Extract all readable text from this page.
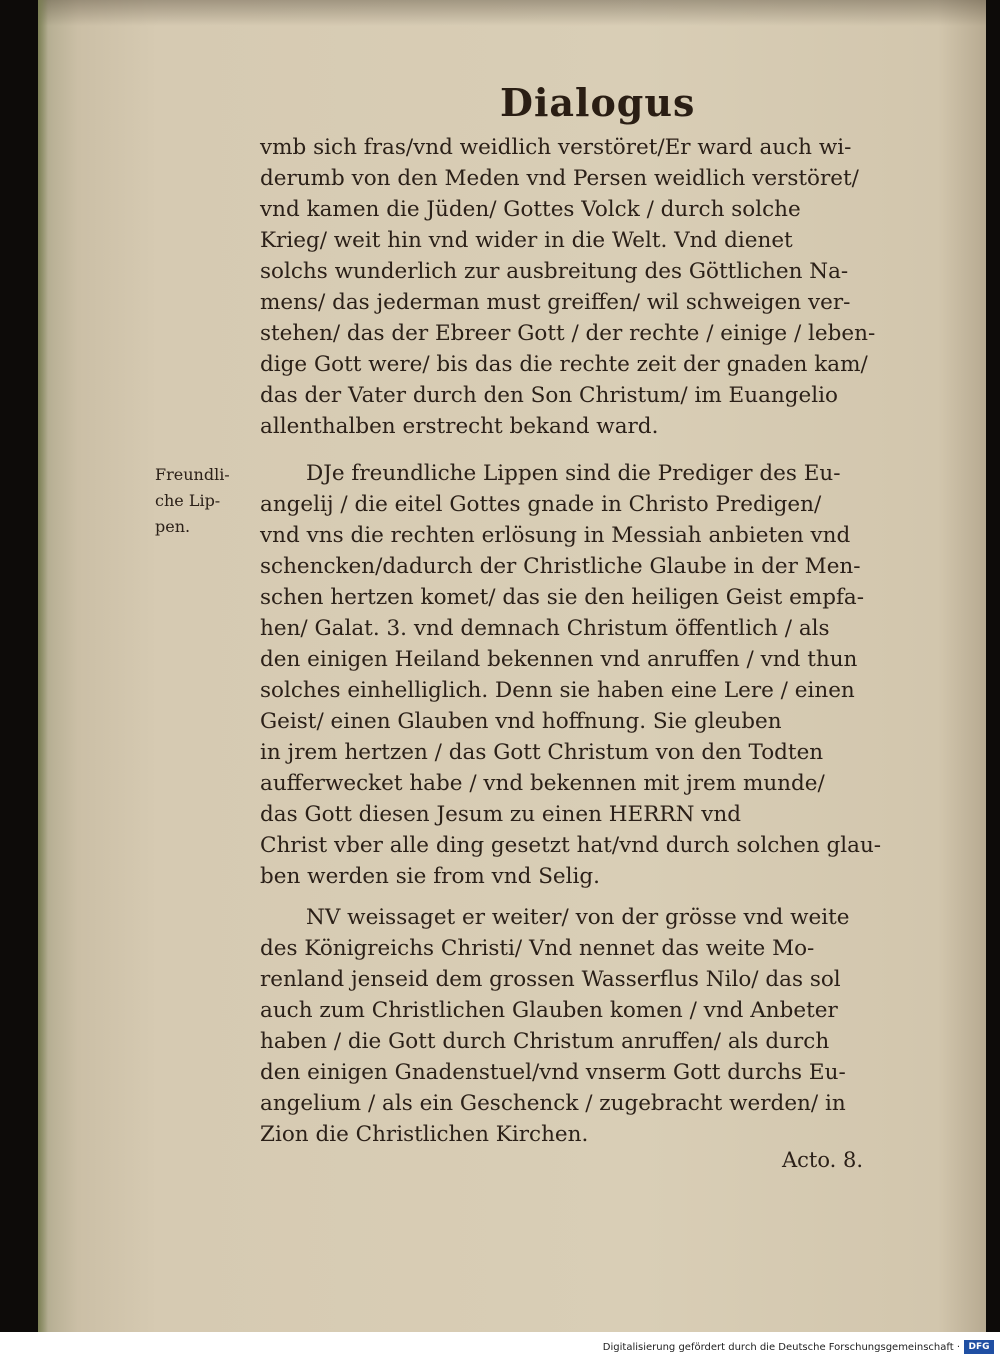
Dialogus
vmb sich fras/vnd weidlich verstöret/Er ward auch wi-
derumb von den Meden vnd Persen weidlich verstöret/
vnd kamen die Jüden/ Gottes Volck / durch solche
Krieg/ weit hin vnd wider in die Welt. Vnd dienet
solchs wunderlich zur ausbreitung des Göttlichen Na-
mens/ das jederman must greiffen/ wil schweigen ver-
stehen/ das der Ebreer Gott / der rechte / einige / leben-
dige Gott were/ bis das die rechte zeit der gnaden kam/
das der Vater durch den Son Christum/ im Euangelio
allenthalben erstrecht bekand ward.
Freundli-
che Lip-
pen.
DJe freundliche Lippen sind die Prediger des Eu-
angelij / die eitel Gottes gnade in Christo Predigen/
vnd vns die rechten erlösung in Messiah anbieten vnd
schencken/dadurch der Christliche Glaube in der Men-
schen hertzen komet/ das sie den heiligen Geist empfa-
hen/ Galat. 3. vnd demnach Christum öffentlich / als
den einigen Heiland bekennen vnd anruffen / vnd thun
solches einhelliglich. Denn sie haben eine Lere / einen
Geist/ einen Glauben vnd hoffnung. Sie gleuben
in jrem hertzen / das Gott Christum von den Todten
aufferwecket habe / vnd bekennen mit jrem munde/
das Gott diesen Jesum zu einen HERRN vnd
Christ vber alle ding gesetzt hat/vnd durch solchen glau-
ben werden sie from vnd Selig.
NV weissaget er weiter/ von der grösse vnd weite
des Königreichs Christi/ Vnd nennet das weite Mo-
renland jenseid dem grossen Wasserflus Nilo/ das sol
auch zum Christlichen Glauben komen / vnd Anbeter
haben / die Gott durch Christum anruffen/ als durch
den einigen Gnadenstuel/vnd vnserm Gott durchs Eu-
angelium / als ein Geschenck / zugebracht werden/ in
Zion die Christlichen Kirchen.
Acto. 8.
Digitalisierung gefördert durch die Deutsche Forschungsgemeinschaft · DFG
